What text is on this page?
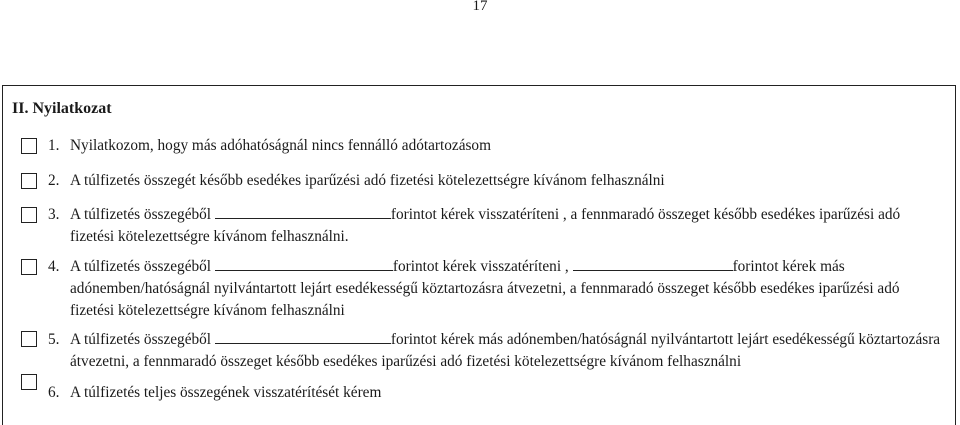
17
II. Nyilatkozat
1. Nyilatkozom, hogy más adóhatóságnál nincs fennálló adótartozásom
2. A túlfizetés összegét később esedékes iparűzési adó fizetési kötelezettségre kívánom felhasználni
3. A túlfizetés összegéből	forintot kérek visszatéríteni , a fennmaradó összeget később esedékes iparűzési adó fizetési kötelezettségre kívánom felhasználni.
4. A túlfizetés összegéből	forintot kérek visszatéríteni ,	forintot kérek más adónemben/hatóságnál nyilvántartott lejárt esedékességű köztartozásra átvezetni, a fennmaradó összeget később esedékes iparűzési adó fizetési kötelezettségre kívánom felhasználni
5. A túlfizetés összegéből	forintot kérek más adónemben/hatóságnál nyilvántartott lejárt esedékességű köztartozásra átvezetni, a fennmaradó összeget később esedékes iparűzési adó fizetési kötelezettségre kívánom felhasználni
6. A túlfizetés teljes összegének visszatérítését kérem
